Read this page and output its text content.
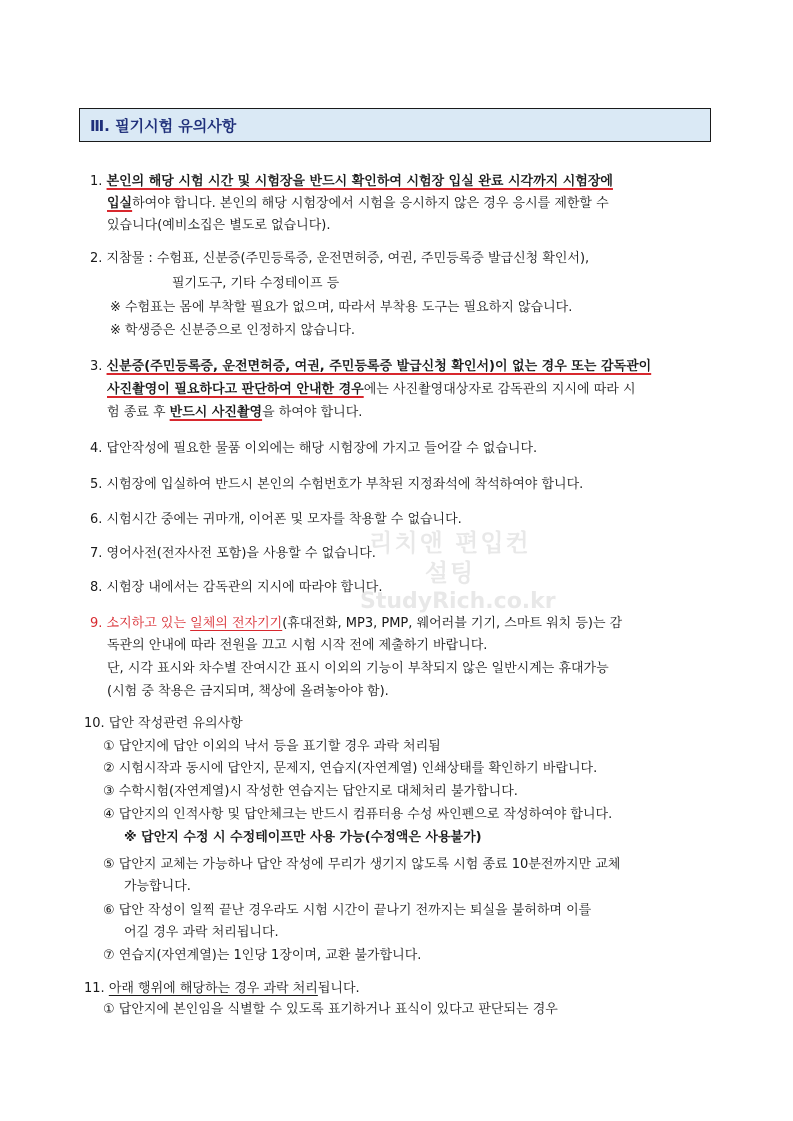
Ⅲ. 필기시험 유의사항
리치앤 편입컨설팅
StudyRich.co.kr
1. 본인의 해당 시험 시간 및 시험장을 반드시 확인하여 시험장 입실 완료 시각까지 시험장에
입실하여야 합니다. 본인의 해당 시험장에서 시험을 응시하지 않은 경우 응시를 제한할 수
있습니다(예비소집은 별도로 없습니다).
2. 지참물 : 수험표, 신분증(주민등록증, 운전면허증, 여권, 주민등록증 발급신청 확인서),
필기도구, 기타 수정테이프 등
※ 수험표는 몸에 부착할 필요가 없으며, 따라서 부착용 도구는 필요하지 않습니다.
※ 학생증은 신분증으로 인정하지 않습니다.
3. 신분증(주민등록증, 운전면허증, 여권, 주민등록증 발급신청 확인서)이 없는 경우 또는 감독관이
사진촬영이 필요하다고 판단하여 안내한 경우에는 사진촬영대상자로 감독관의 지시에 따라 시
험 종료 후 반드시 사진촬영을 하여야 합니다.
4. 답안작성에 필요한 물품 이외에는 해당 시험장에 가지고 들어갈 수 없습니다.
5. 시험장에 입실하여 반드시 본인의 수험번호가 부착된 지정좌석에 착석하여야 합니다.
6. 시험시간 중에는 귀마개, 이어폰 및 모자를 착용할 수 없습니다.
7. 영어사전(전자사전 포함)을 사용할 수 없습니다.
8. 시험장 내에서는 감독관의 지시에 따라야 합니다.
9. 소지하고 있는 일체의 전자기기(휴대전화, MP3, PMP, 웨어러블 기기, 스마트 워치 등)는 감
독관의 안내에 따라 전원을 끄고 시험 시작 전에 제출하기 바랍니다.
단, 시각 표시와 차수별 잔여시간 표시 이외의 기능이 부착되지 않은 일반시계는 휴대가능
(시험 중 착용은 금지되며, 책상에 올려놓아야 함).
10. 답안 작성관련 유의사항
① 답안지에 답안 이외의 낙서 등을 표기할 경우 과락 처리됨
② 시험시작과 동시에 답안지, 문제지, 연습지(자연계열) 인쇄상태를 확인하기 바랍니다.
③ 수학시험(자연계열)시 작성한 연습지는 답안지로 대체처리 불가합니다.
④ 답안지의 인적사항 및 답안체크는 반드시 컴퓨터용 수성 싸인펜으로 작성하여야 합니다.
※ 답안지 수정 시 수정테이프만 사용 가능(수정액은 사용불가)
⑤ 답안지 교체는 가능하나 답안 작성에 무리가 생기지 않도록 시험 종료 10분전까지만 교체
가능합니다.
⑥ 답안 작성이 일찍 끝난 경우라도 시험 시간이 끝나기 전까지는 퇴실을 불허하며 이를
어길 경우 과락 처리됩니다.
⑦ 연습지(자연계열)는 1인당 1장이며, 교환 불가합니다.
11. 아래 행위에 해당하는 경우 과락 처리됩니다.
① 답안지에 본인임을 식별할 수 있도록 표기하거나 표식이 있다고 판단되는 경우
